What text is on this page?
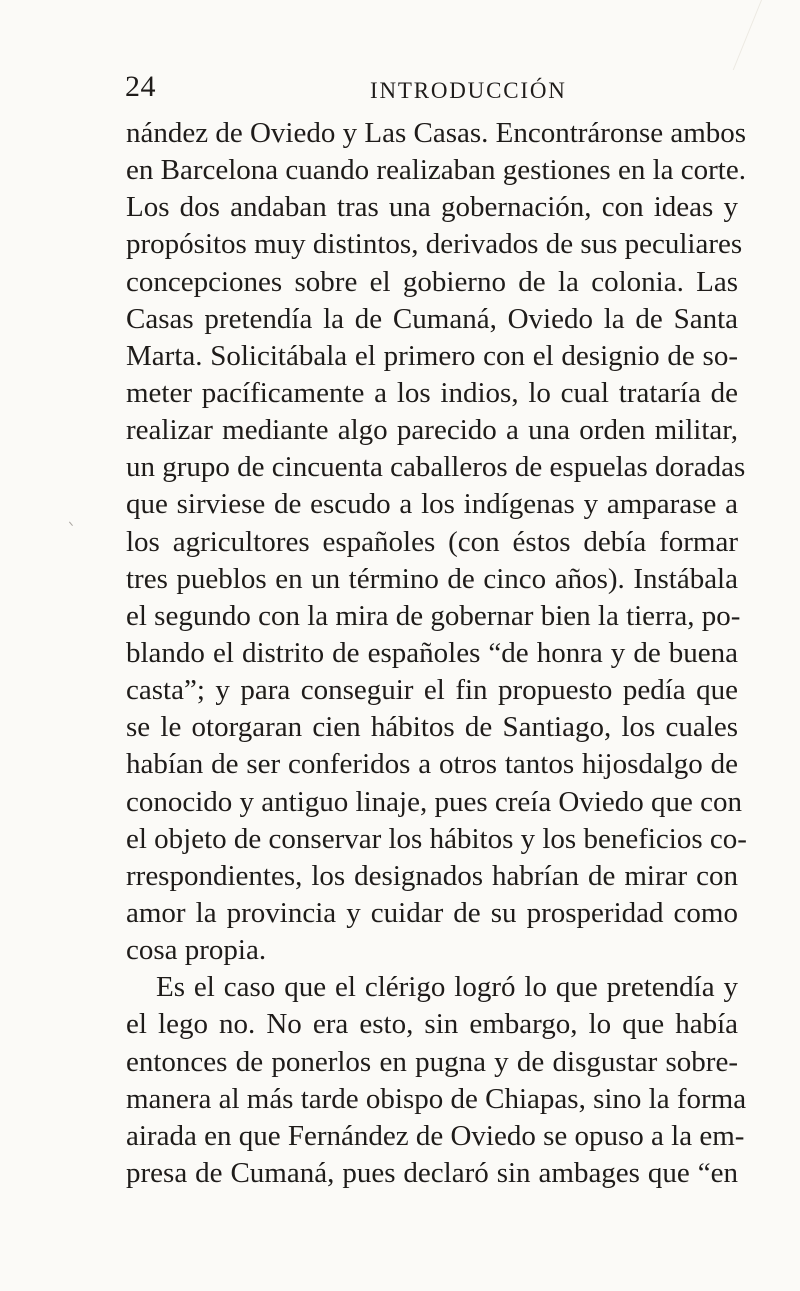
24	INTRODUCCIÓN
nández de Oviedo y Las Casas. Encontráronse ambos
en Barcelona cuando realizaban gestiones en la corte.
Los dos andaban tras una gobernación, con ideas y
propósitos muy distintos, derivados de sus peculiares
concepciones sobre el gobierno de la colonia. Las
Casas pretendía la de Cumaná, Oviedo la de Santa
Marta. Solicitábala el primero con el designio de so-
meter pacíficamente a los indios, lo cual trataría de
realizar mediante algo parecido a una orden militar,
un grupo de cincuenta caballeros de espuelas doradas
que sirviese de escudo a los indígenas y amparase a
los agricultores españoles (con éstos debía formar
tres pueblos en un término de cinco años). Instábala
el segundo con la mira de gobernar bien la tierra, po-
blando el distrito de españoles “de honra y de buena
casta”; y para conseguir el fin propuesto pedía que
se le otorgaran cien hábitos de Santiago, los cuales
habían de ser conferidos a otros tantos hijosdalgo de
conocido y antiguo linaje, pues creía Oviedo que con
el objeto de conservar los hábitos y los beneficios co-
rrespondientes, los designados habrían de mirar con
amor la provincia y cuidar de su prosperidad como
cosa propia.
Es el caso que el clérigo logró lo que pretendía y
el lego no. No era esto, sin embargo, lo que había
entonces de ponerlos en pugna y de disgustar sobre-
manera al más tarde obispo de Chiapas, sino la forma
airada en que Fernández de Oviedo se opuso a la em-
presa de Cumaná, pues declaró sin ambages que “en
